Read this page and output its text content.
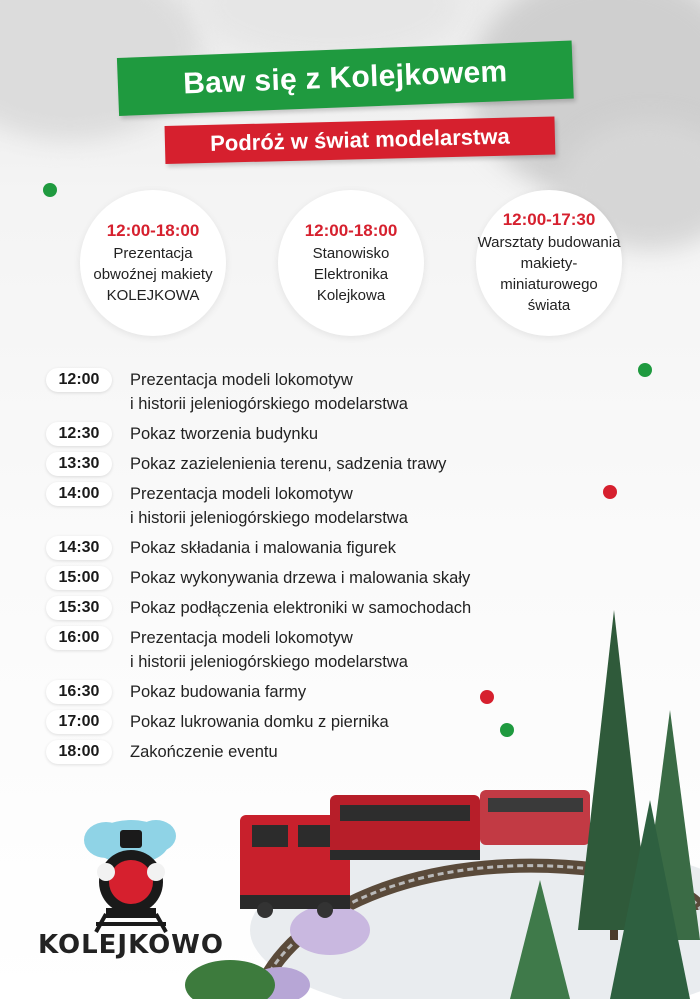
Baw się z Kolejkowem
Podróż w świat modelarstwa
12:00-18:00
Prezentacja
obwoźnej makiety
KOLEJKOWA
12:00-18:00
Stanowisko
Elektronika
Kolejkowa
12:00-17:30
Warsztaty budowania
makiety-miniaturowego
świata
12:00	Prezentacja modeli lokomotyw
i historii jeleniogórskiego modelarstwa
12:30	Pokaz tworzenia budynku
13:30	Pokaz zazielenienia terenu, sadzenia trawy
14:00	Prezentacja modeli lokomotyw
i historii jeleniogórskiego modelarstwa
14:30	Pokaz składania i malowania figurek
15:00	Pokaz wykonywania drzewa i malowania skały
15:30	Pokaz podłączenia elektroniki w samochodach
16:00	Prezentacja modeli lokomotyw
i historii jeleniogórskiego modelarstwa
16:30	Pokaz budowania farmy
17:00	Pokaz lukrowania domku z piernika
18:00	Zakończenie eventu
KOLEJKOWO
